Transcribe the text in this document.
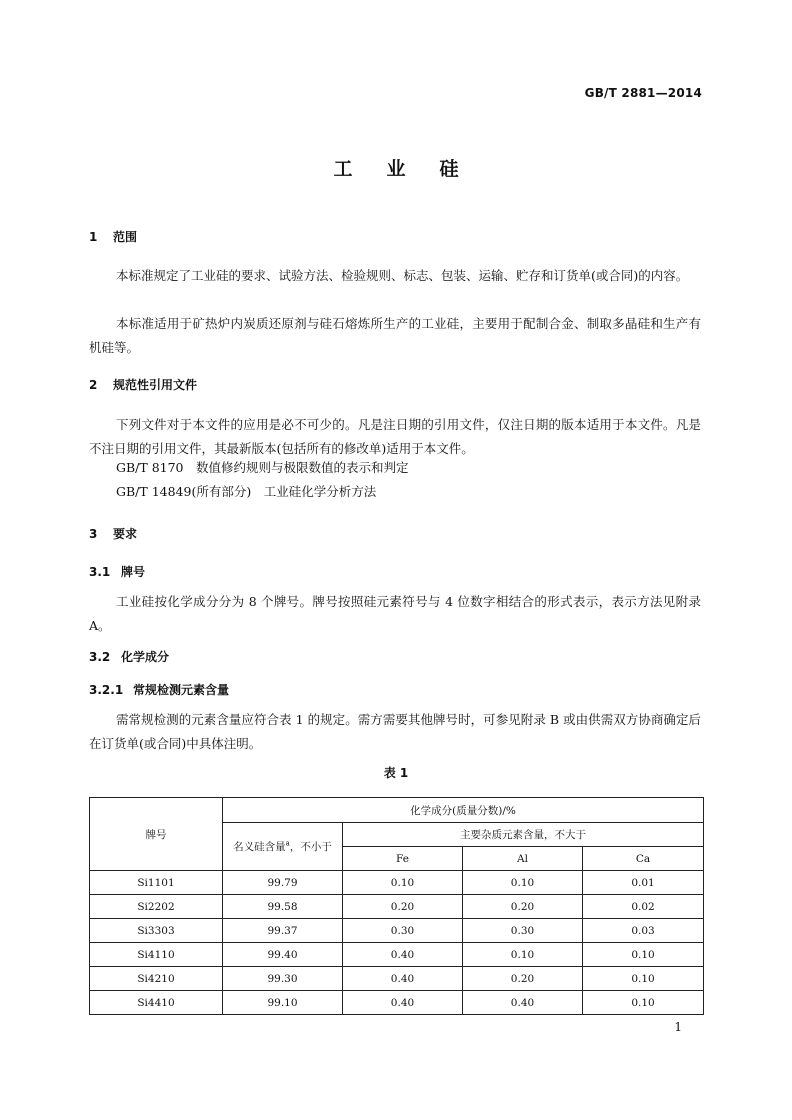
GB/T 2881—2014
工业硅
1 范围
本标准规定了工业硅的要求、试验方法、检验规则、标志、包装、运输、贮存和订货单(或合同)的内容。
本标准适用于矿热炉内炭质还原剂与硅石熔炼所生产的工业硅，主要用于配制合金、制取多晶硅和生产有机硅等。
2 规范性引用文件
下列文件对于本文件的应用是必不可少的。凡是注日期的引用文件，仅注日期的版本适用于本文件。凡是不注日期的引用文件，其最新版本(包括所有的修改单)适用于本文件。
GB/T 8170　数值修约规则与极限数值的表示和判定
GB/T 14849(所有部分)　工业硅化学分析方法
3 要求
3.1 牌号
工业硅按化学成分分为 8 个牌号。牌号按照硅元素符号与 4 位数字相结合的形式表示，表示方法见附录 A。
3.2 化学成分
3.2.1 常规检测元素含量
需常规检测的元素含量应符合表 1 的规定。需方需要其他牌号时，可参见附录 B 或由供需双方协商确定后在订货单(或合同)中具体注明。
表 1
牌号	化学成分(质量分数)/%			
	名义硅含量$^a$，不小于	主要杂质元素含量，不大于		
		Fe	Al	Ca
Si1101	99.79	0.10	0.10	0.01
Si2202	99.58	0.20	0.20	0.02
Si3303	99.37	0.30	0.30	0.03
Si4110	99.40	0.40	0.10	0.10
Si4210	99.30	0.40	0.20	0.10
Si4410	99.10	0.40	0.40	0.10
1
